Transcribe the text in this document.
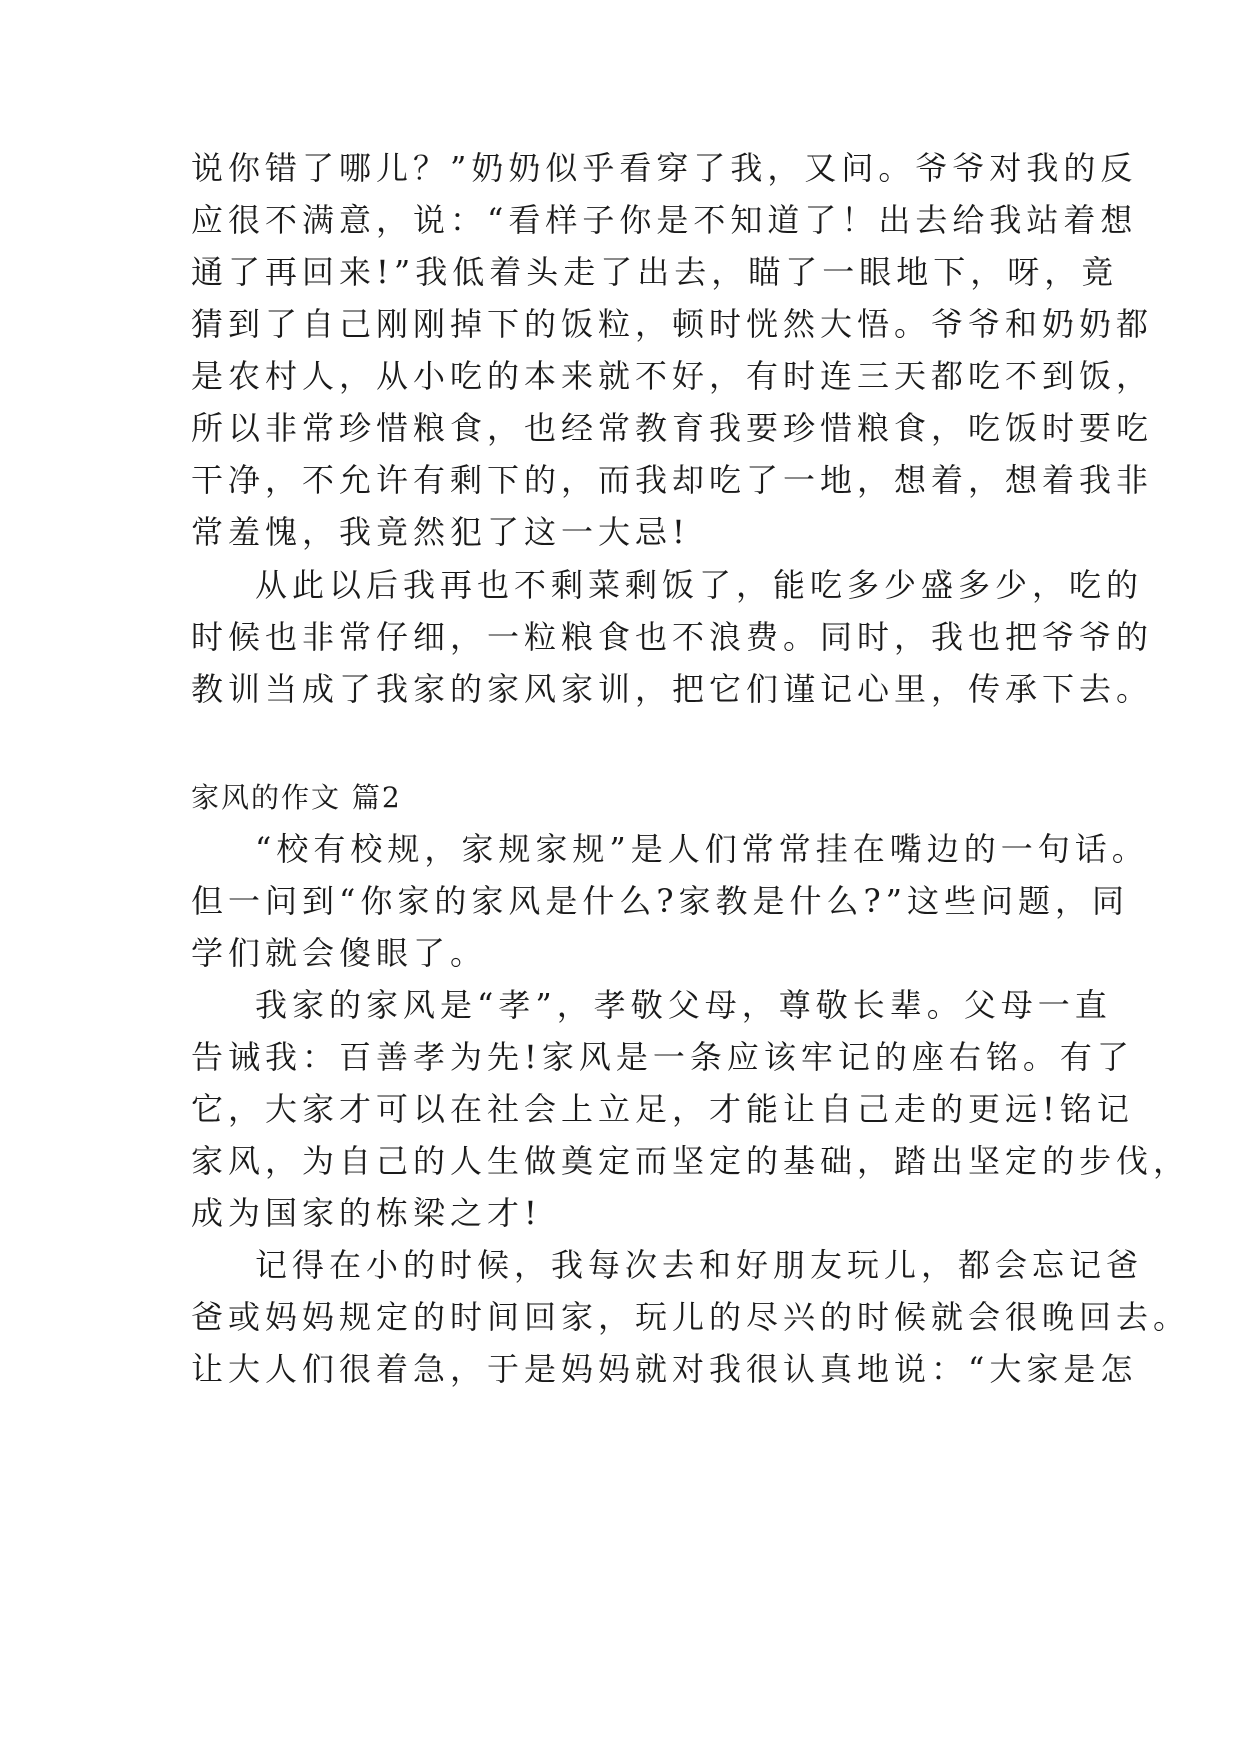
说你错了哪儿？”奶奶似乎看穿了我，又问。爷爷对我的反
应很不满意，说：“看样子你是不知道了！出去给我站着想
通了再回来!”我低着头走了出去，瞄了一眼地下，呀，竟
猜到了自己刚刚掉下的饭粒，顿时恍然大悟。爷爷和奶奶都
是农村人，从小吃的本来就不好，有时连三天都吃不到饭，
所以非常珍惜粮食，也经常教育我要珍惜粮食，吃饭时要吃
干净，不允许有剩下的，而我却吃了一地，想着，想着我非
常羞愧，我竟然犯了这一大忌!
从此以后我再也不剩菜剩饭了，能吃多少盛多少，吃的
时候也非常仔细，一粒粮食也不浪费。同时，我也把爷爷的
教训当成了我家的家风家训，把它们谨记心里，传承下去。
家风的作文 篇2
“校有校规，家规家规”是人们常常挂在嘴边的一句话。
但一问到“你家的家风是什么?家教是什么?”这些问题，同
学们就会傻眼了。
我家的家风是“孝”，孝敬父母，尊敬长辈。父母一直
告诫我：百善孝为先!家风是一条应该牢记的座右铭。有了
它，大家才可以在社会上立足，才能让自己走的更远!铭记
家风，为自己的人生做奠定而坚定的基础，踏出坚定的步伐，
成为国家的栋梁之才!
记得在小的时候，我每次去和好朋友玩儿，都会忘记爸
爸或妈妈规定的时间回家，玩儿的尽兴的时候就会很晚回去。
让大人们很着急，于是妈妈就对我很认真地说：“大家是怎
